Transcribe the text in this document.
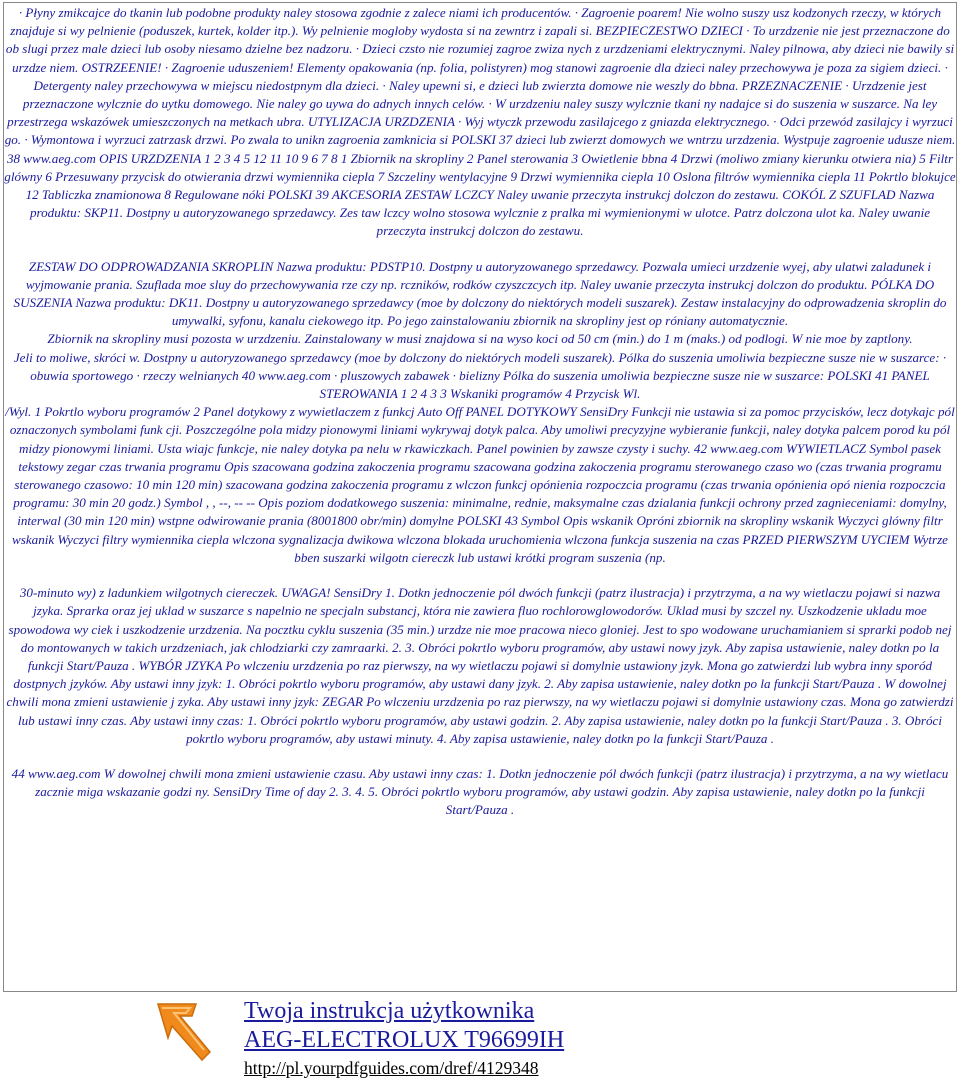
· Płyny zmikcajce do tkanin lub podobne produkty naley stosowa zgodnie z zalece niami ich producentów. · Zagroenie poarem! Nie wolno suszy usz kodzonych rzeczy, w których znajduje si wy pelnienie (poduszek, kurtek, kolder itp.). Wy pelnienie mogloby wydosta si na zewntrz i zapali si. BEZPIECZESTWO DZIECI · To urzdzenie nie jest przeznaczone do ob slugi przez male dzieci lub osoby niesamo dzielne bez nadzoru. · Dzieci czsto nie rozumiej zagroe zwiza nych z urzdzeniami elektrycznymi. Naley pilnowa, aby dzieci nie bawily si urzdze niem. OSTRZEENIE! · Zagroenie uduszeniem! Elementy opakowania (np. folia, polistyren) mog stanowi zagroenie dla dzieci naley przechowywa je poza za sigiem dzieci. · Detergenty naley przechowywa w miejscu niedostpnym dla dzieci. · Naley upewni si, e dzieci lub zwierzta domowe nie weszly do bbna. PRZEZNACZENIE · Urzdzenie jest przeznaczone wylcznie do uytku domowego. Nie naley go uywa do adnych innych celów. · W urzdzeniu naley suszy wylcznie tkani ny nadajce si do suszenia w suszarce. Na ley przestrzega wskazówek umieszczonych na metkach ubra. UTYLIZACJA URZDZENIA · Wyj wtyczk przewodu zasilajcego z gniazda elektrycznego. · Odci przewód zasilajcy i wyrzuci go. · Wymontowa i wyrzuci zatrzask drzwi. Po zwala to unikn zagroenia zamknicia si POLSKI 37 dzieci lub zwierzt domowych we wntrzu urzdzenia. Wystpuje zagroenie udusze niem. 38 www.aeg.com OPIS URZDZENIA 1 2 3 4 5 12 11 10 9 6 7 8 1 Zbiornik na skropliny 2 Panel sterowania 3 Owietlenie bbna 4 Drzwi (moliwo zmiany kierunku otwiera nia) 5 Filtr glówny 6 Przesuwany przycisk do otwierania drzwi wymiennika ciepla 7 Szczeliny wentylacyjne 9 Drzwi wymiennika ciepla 10 Oslona filtrów wymiennika ciepla 11 Pokrtlo blokujce 12 Tabliczka znamionowa 8 Regulowane nóki POLSKI 39 AKCESORIA ZESTAW LCZCY Naley uwanie przeczyta instrukcj dolczon do zestawu. COKÓL Z SZUFLAD Nazwa produktu: SKP11. Dostpny u autoryzowanego sprzedawcy. Zes taw lczcy wolno stosowa wylcznie z pralka mi wymienionymi w ulotce. Patrz dolczona ulot ka. Naley uwanie przeczyta instrukcj dolczon do zestawu.

ZESTAW DO ODPROWADZANIA SKROPLIN Nazwa produktu: PDSTP10. Dostpny u autoryzowanego sprzedawcy. Pozwala umieci urzdzenie wyej, aby ulatwi zaladunek i wyjmowanie prania. Szuflada moe sluy do przechowywania rze czy np. rczników, rodków czyszczcych itp. Naley uwanie przeczyta instrukcj dolczon do produktu. PÓLKA DO SUSZENIA Nazwa produktu: DK11. Dostpny u autoryzowanego sprzedawcy (moe by dolczony do niektórych modeli suszarek). Zestaw instalacyjny do odprowadzenia skroplin do umywalki, syfonu, kanalu ciekowego itp. Po jego zainstalowaniu zbiornik na skropliny jest op róniany automatycznie.

Zbiornik na skropliny musi pozosta w urzdzeniu. Zainstalowany w musi znajdowa si na wyso koci od 50 cm (min.) do 1 m (maks.) od podlogi. W nie moe by zaptlony.

Jeli to moliwe, skróci w. Dostpny u autoryzowanego sprzedawcy (moe by dolczony do niektórych modeli suszarek). Pólka do suszenia umoliwia bezpieczne susze nie w suszarce: · obuwia sportowego · rzeczy welnianych 40 www.aeg.com · pluszowych zabawek · bielizny Pólka do suszenia umoliwia bezpieczne susze nie w suszarce: POLSKI 41 PANEL STEROWANIA 1 2 4 3 3 Wskaniki programów 4 Przycisk Wl.

/Wyl. 1 Pokrtlo wyboru programów 2 Panel dotykowy z wywietlaczem z funkcj Auto Off PANEL DOTYKOWY SensiDry Funkcji nie ustawia si za pomoc przycisków, lecz dotykajc pól oznaczonych symbolami funk cji. Poszczególne pola midzy pionowymi liniami wykrywaj dotyk palca. Aby umoliwi precyzyjne wybieranie funkcji, naley dotyka palcem porod ku pól midzy pionowymi liniami. Usta wiajc funkcje, nie naley dotyka pa nelu w rkawiczkach. Panel powinien by zawsze czysty i suchy. 42 www.aeg.com WYWIETLACZ Symbol pasek tekstowy zegar czas trwania programu Opis szacowana godzina zakoczenia programu szacowana godzina zakoczenia programu sterowanego czaso wo (czas trwania programu sterowanego czasowo: 10 min 120 min) szacowana godzina zakoczenia programu z wlczon funkcj opónienia rozpoczcia programu (czas trwania opónienia opó nienia rozpoczcia programu: 30 min 20 godz.) Symbol , , --, -- -- Opis poziom dodatkowego suszenia: minimalne, rednie, maksymalne czas dzialania funkcji ochrony przed zagnieceniami: domylny, interwal (30 min 120 min) wstpne odwirowanie prania (8001800 obr/min) domylne POLSKI 43 Symbol Opis wskanik Opróni zbiornik na skropliny wskanik Wyczyci glówny filtr wskanik Wyczyci filtry wymiennika ciepla wlczona sygnalizacja dwikowa wlczona blokada uruchomienia wlczona funkcja suszenia na czas PRZED PIERWSZYM UYCIEM Wytrze bben suszarki wilgotn ciereczk lub ustawi krótki program suszenia (np.

30-minuto wy) z ladunkiem wilgotnych cierеczek. UWAGA! SensiDry 1. Dotkn jednoczenie pól dwóch funkcji (patrz ilustracja) i przytrzyma, a na wy wietlaczu pojawi si nazwa jzyka. Sprarka oraz jej uklad w suszarce s napelnio ne specjaln substancj, która nie zawiera fluo rochlorowglowodorów. Uklad musi by szczel ny. Uszkodzenie ukladu moe spowodowa wy ciek i uszkodzenie urzdzenia. Na pocztku cyklu suszenia (35 min.) urzdze nie moe pracowa nieco gloniej. Jest to spo wodowane uruchamianiem si sprarki podob nej do montowanych w takich urzdzeniach, jak chlodziarki czy zamraarki. 2. 3. Obróci pokrtlo wyboru programów, aby ustawi nowy jzyk. Aby zapisa ustawienie, naley dotkn po la funkcji Start/Pauza . WYBÓR JZYKA Po wlczeniu urzdzenia po raz pierwszy, na wy wietlaczu pojawi si domylnie ustawiony jzyk. Mona go zatwierdzi lub wybra inny sporód dostpnych jzyków. Aby ustawi inny jzyk: 1. Obróci pokrtlo wyboru programów, aby ustawi dany jzyk. 2. Aby zapisa ustawienie, naley dotkn po la funkcji Start/Pauza . W dowolnej chwili mona zmieni ustawienie j zyka. Aby ustawi inny jzyk: ZEGAR Po wlczeniu urzdzenia po raz pierwszy, na wy wietlaczu pojawi si domylnie ustawiony czas. Mona go zatwierdzi lub ustawi inny czas. Aby ustawi inny czas: 1. Obróci pokrtlo wyboru programów, aby ustawi godzin. 2. Aby zapisa ustawienie, naley dotkn po la funkcji Start/Pauza . 3. Obróci pokrtlo wyboru programów, aby ustawi minuty. 4. Aby zapisa ustawienie, naley dotkn po la funkcji Start/Pauza .

44 www.aeg.com W dowolnej chwili mona zmieni ustawienie czasu. Aby ustawi inny czas: 1. Dotkn jednoczenie pól dwóch funkcji (patrz ilustracja) i przytrzyma, a na wy wietlacu zacznie miga wskazanie godzi ny. SensiDry Time of day 2. 3. 4. 5. Obróci pokrtlo wyboru programów, aby ustawi godzin. Aby zapisa ustawienie, naley dotkn po la funkcji Start/Pauza .

Twoja instrukcja użytkownika
AEG-ELECTROLUX T96699IH
http://pl.yourpdfguides.com/dref/4129348
